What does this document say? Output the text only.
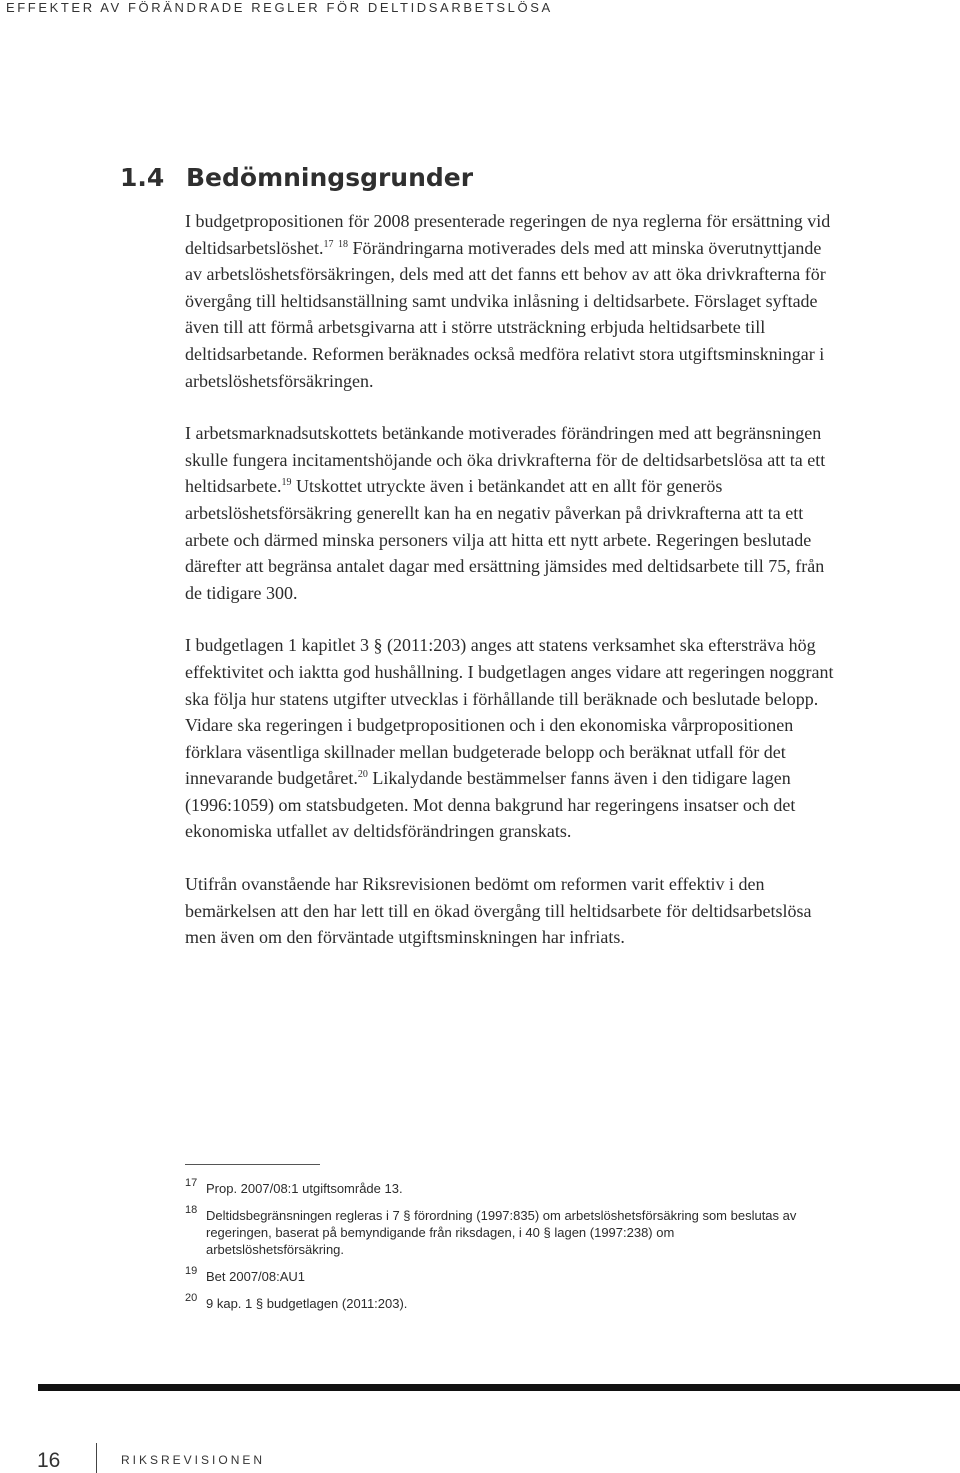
EFFEKTER AV FÖRÄNDRADE REGLER FÖR DELTIDSARBETSLÖSA
1.4 Bedömningsgrunder

I budgetpropositionen för 2008 presenterade regeringen de nya reglerna för ersättning vid deltidsarbetslöshet.$^{17}$ $^{18}$ Förändringarna motiverades dels med att minska överutnyttjande av arbetslöshetsförsäkringen, dels med att det fanns ett behov av att öka drivkrafterna för övergång till heltidsanställning samt undvika inlåsning i deltidsarbete. Förslaget syftade även till att förmå arbetsgivarna att i större utsträckning erbjuda heltidsarbete till deltidsarbetande. Reformen beräknades också medföra relativt stora utgiftsminskningar i arbetslöshetsförsäkringen.

I arbetsmarknadsutskottets betänkande motiverades förändringen med att begränsningen skulle fungera incitamentshöjande och öka drivkrafterna för de deltidsarbetslösa att ta ett heltidsarbete.$^{19}$ Utskottet utryckte även i betänkandet att en allt för generös arbetslöshetsförsäkring generellt kan ha en negativ påverkan på drivkrafterna att ta ett arbete och därmed minska personers vilja att hitta ett nytt arbete. Regeringen beslutade därefter att begränsa antalet dagar med ersättning jämsides med deltidsarbete till 75, från de tidigare 300.

I budgetlagen 1 kapitlet 3 § (2011:203) anges att statens verksamhet ska eftersträva hög effektivitet och iaktta god hushållning. I budgetlagen anges vidare att regeringen noggrant ska följa hur statens utgifter utvecklas i förhållande till beräknade och beslutade belopp. Vidare ska regeringen i budgetpropositionen och i den ekonomiska vårpropositionen förklara väsentliga skillnader mellan budgeterade belopp och beräknat utfall för det innevarande budgetåret.$^{20}$ Likalydande bestämmelser fanns även i den tidigare lagen (1996:1059) om statsbudgeten. Mot denna bakgrund har regeringens insatser och det ekonomiska utfallet av deltidsförändringen granskats.

Utifrån ovanstående har Riksrevisionen bedömt om reformen varit effektiv i den bemärkelsen att den har lett till en ökad övergång till heltidsarbete för deltidsarbetslösa men även om den förväntade utgiftsminskningen har infriats.

17 Prop. 2007/08:1 utgiftsområde 13.
18 Deltidsbegränsningen regleras i 7 § förordning (1997:835) om arbetslöshetsförsäkring som beslutas av regeringen, baserat på bemyndigande från riksdagen, i 40 § lagen (1997:238) om arbetslöshetsförsäkring.
19 Bet 2007/08:AU1
20 9 kap. 1 § budgetlagen (2011:203).
16	RIKSREVISIONEN
